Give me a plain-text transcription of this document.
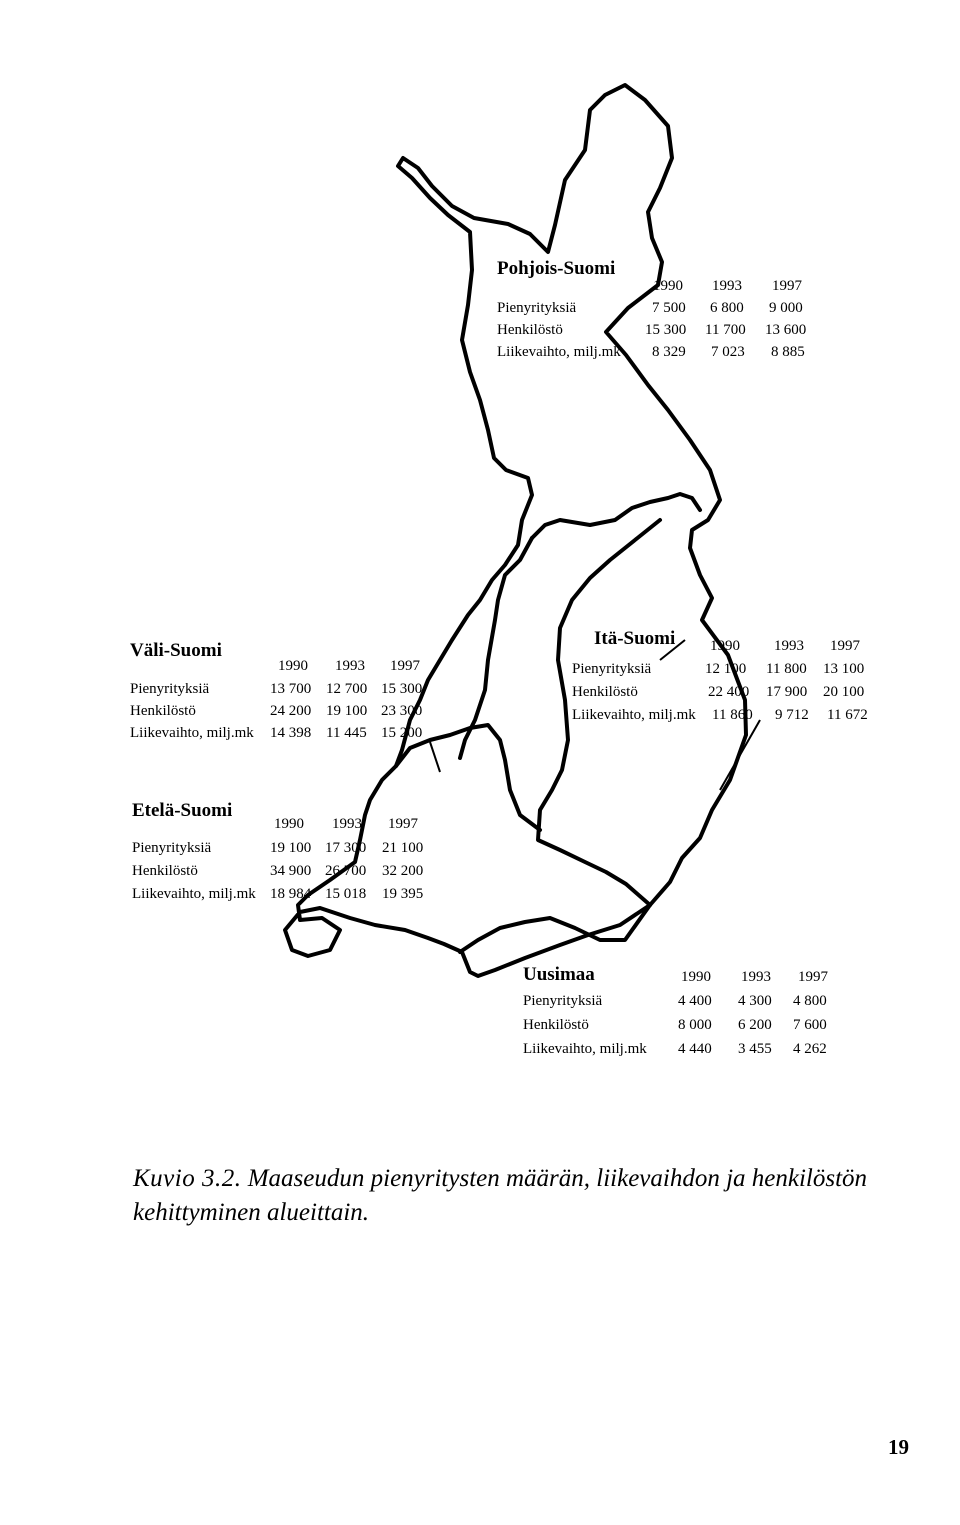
Pohjois-Suomi
1990 1993 1997
Pienyrityksiä	7 500 6 800 9 000
Henkilöstö	15 300 11 700 13 600
Liikevaihto, milj.mk 8 329 7 023 8 885
Väli-Suomi
1990 1993 1997
Pienyrityksiä	13 700 12 700 15 300
Henkilöstö	24 200 19 100 23 300
Liikevaihto, milj.mk 14 398 11 445 15 200
Itä-Suomi 1990 1993 1997
Pienyrityksiä	12 100 11 800 13 100
Henkilöstö	22 400 17 900 20 100
Liikevaihto, milj.mk 11 860 9 712 11 672
Etelä-Suomi
1990 1993 1997
Pienyrityksiä	19 100 17 300 21 100
Henkilöstö	34 900 26 700 32 200
Liikevaihto, milj.mk 18 984 15 018 19 395
Uusimaa	1990 1993 1997
Pienyrityksiä	4 400 4 300 4 800
Henkilöstö	8 000 6 200 7 600
Liikevaihto, milj.mk 4 440 3 455 4 262
Kuvio 3.2. Maaseudun pienyritysten määrän, liikevaihdon ja henkilöstön kehittyminen alueittain.
19
